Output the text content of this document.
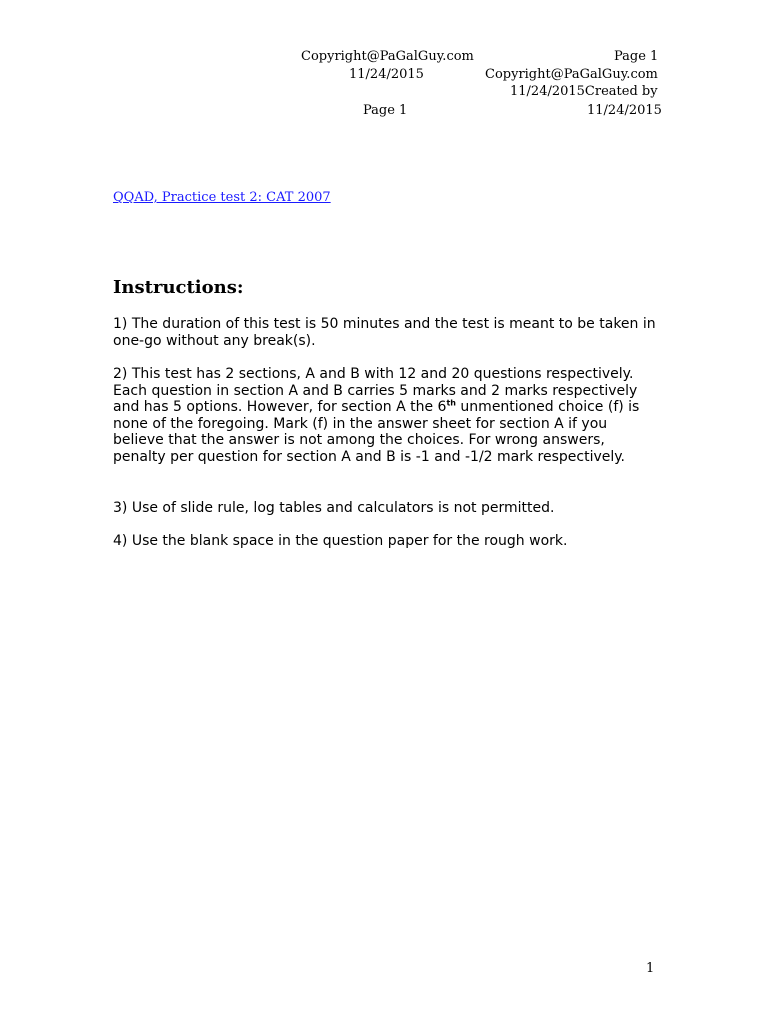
Copyright@PaGalGuy.com	Page 1
11/24/2015	Copyright@PaGalGuy.com
11/24/2015Created by
Page 1	11/24/2015
QQAD, Practice test 2: CAT 2007
Instructions:

1) The duration of this test is 50 minutes and the test is meant to be taken in one-go without any break(s).

2) This test has 2 sections, A and B with 12 and 20 questions respectively. Each question in section A and B carries 5 marks and 2 marks respectively and has 5 options. However, for section A the 6th unmentioned choice (f) is none of the foregoing. Mark (f) in the answer sheet for section A if you believe that the answer is not among the choices. For wrong answers, penalty per question for section A and B is -1 and -1/2 mark respectively.

3) Use of slide rule, log tables and calculators is not permitted.

4) Use the blank space in the question paper for the rough work.

1
